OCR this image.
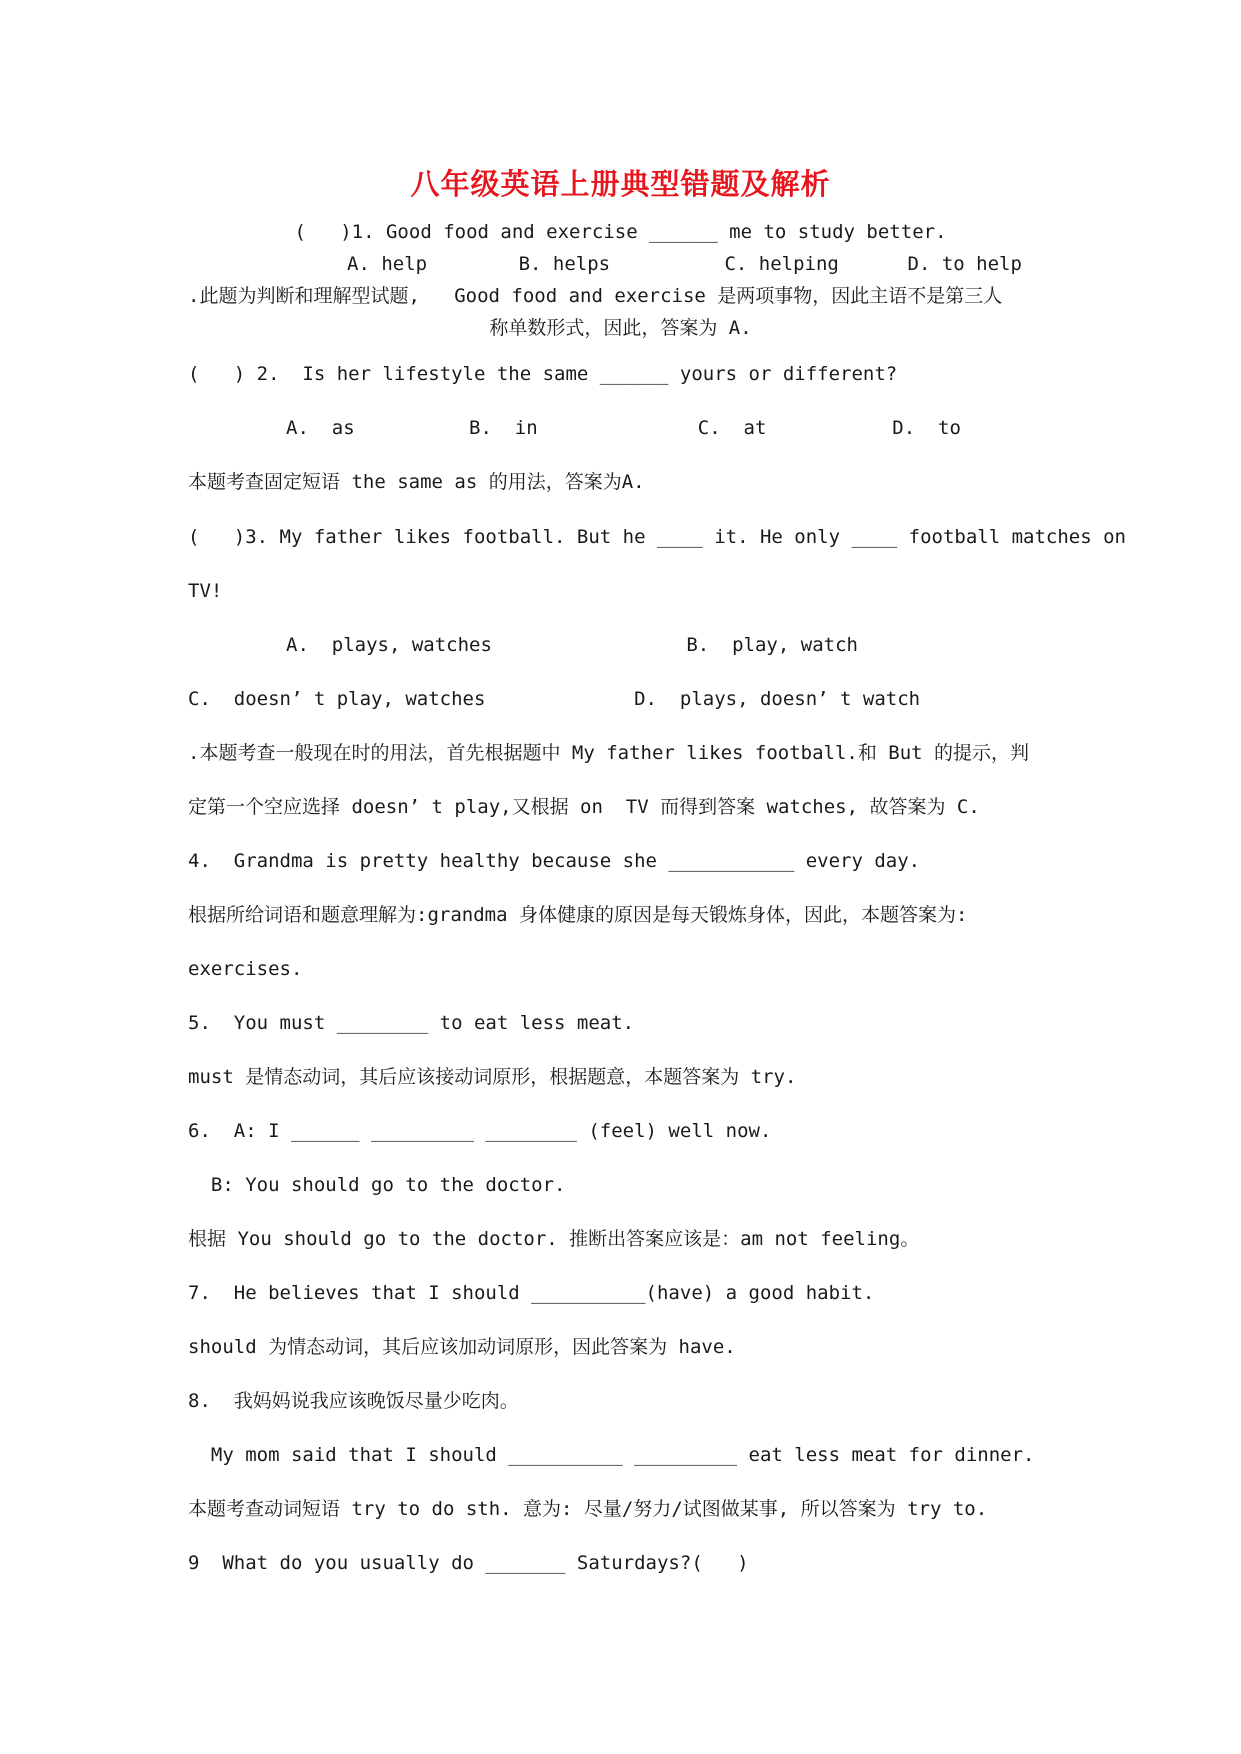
八年级英语上册典型错题及解析
(   )1. Good food and exercise ______ me to study better.
A. help        B. helps          C. helping      D. to help
.此题为判断和理解型试题,   Good food and exercise 是两项事物，因此主语不是第三人
称单数形式，因此，答案为 A.
(   ) 2.  Is her lifestyle the same ______ yours or different?
A.  as          B.  in              C.  at           D.  to
本题考查固定短语 the same as 的用法，答案为A.
(   )3. My father likes football. But he ____ it. He only ____ football matches on
TV!
A.  plays, watches                 B.  play, watch
C.  doesn’ t play, watches             D.  plays, doesn’ t watch
.本题考查一般现在时的用法，首先根据题中 My father likes football.和 But 的提示，判
定第一个空应选择 doesn’ t play,又根据 on  TV 而得到答案 watches, 故答案为 C.
4.  Grandma is pretty healthy because she ___________ every day.
根据所给词语和题意理解为:grandma 身体健康的原因是每天锻炼身体，因此，本题答案为:
exercises.
5.  You must ________ to eat less meat.
must 是情态动词，其后应该接动词原形，根据题意，本题答案为 try.
6.  A: I ______ _________ ________ (feel) well now.
B: You should go to the doctor.
根据 You should go to the doctor. 推断出答案应该是：am not feeling。
7.  He believes that I should __________(have) a good habit.
should 为情态动词，其后应该加动词原形，因此答案为 have.
8.  我妈妈说我应该晚饭尽量少吃肉。
My mom said that I should __________ _________ eat less meat for dinner.
本题考查动词短语 try to do sth. 意为: 尽量/努力/试图做某事, 所以答案为 try to.
9  What do you usually do _______ Saturdays?(   )
